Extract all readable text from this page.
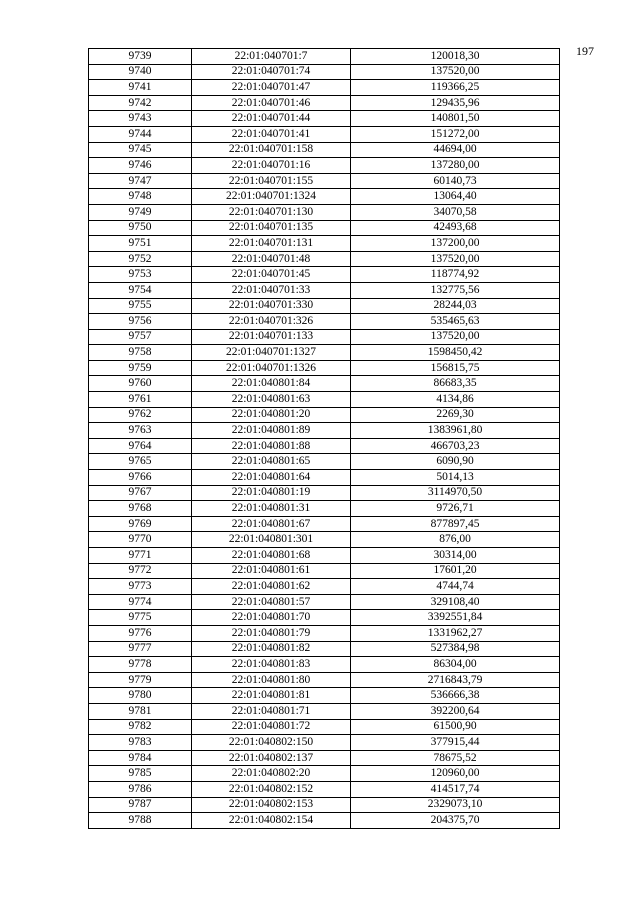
197
9739	22:01:040701:7	120018,30
9740	22:01:040701:74	137520,00
9741	22:01:040701:47	119366,25
9742	22:01:040701:46	129435,96
9743	22:01:040701:44	140801,50
9744	22:01:040701:41	151272,00
9745	22:01:040701:158	44694,00
9746	22:01:040701:16	137280,00
9747	22:01:040701:155	60140,73
9748	22:01:040701:1324	13064,40
9749	22:01:040701:130	34070,58
9750	22:01:040701:135	42493,68
9751	22:01:040701:131	137200,00
9752	22:01:040701:48	137520,00
9753	22:01:040701:45	118774,92
9754	22:01:040701:33	132775,56
9755	22:01:040701:330	28244,03
9756	22:01:040701:326	535465,63
9757	22:01:040701:133	137520,00
9758	22:01:040701:1327	1598450,42
9759	22:01:040701:1326	156815,75
9760	22:01:040801:84	86683,35
9761	22:01:040801:63	4134,86
9762	22:01:040801:20	2269,30
9763	22:01:040801:89	1383961,80
9764	22:01:040801:88	466703,23
9765	22:01:040801:65	6090,90
9766	22:01:040801:64	5014,13
9767	22:01:040801:19	3114970,50
9768	22:01:040801:31	9726,71
9769	22:01:040801:67	877897,45
9770	22:01:040801:301	876,00
9771	22:01:040801:68	30314,00
9772	22:01:040801:61	17601,20
9773	22:01:040801:62	4744,74
9774	22:01:040801:57	329108,40
9775	22:01:040801:70	3392551,84
9776	22:01:040801:79	1331962,27
9777	22:01:040801:82	527384,98
9778	22:01:040801:83	86304,00
9779	22:01:040801:80	2716843,79
9780	22:01:040801:81	536666,38
9781	22:01:040801:71	392200,64
9782	22:01:040801:72	61500,90
9783	22:01:040802:150	377915,44
9784	22:01:040802:137	78675,52
9785	22:01:040802:20	120960,00
9786	22:01:040802:152	414517,74
9787	22:01:040802:153	2329073,10
9788	22:01:040802:154	204375,70
